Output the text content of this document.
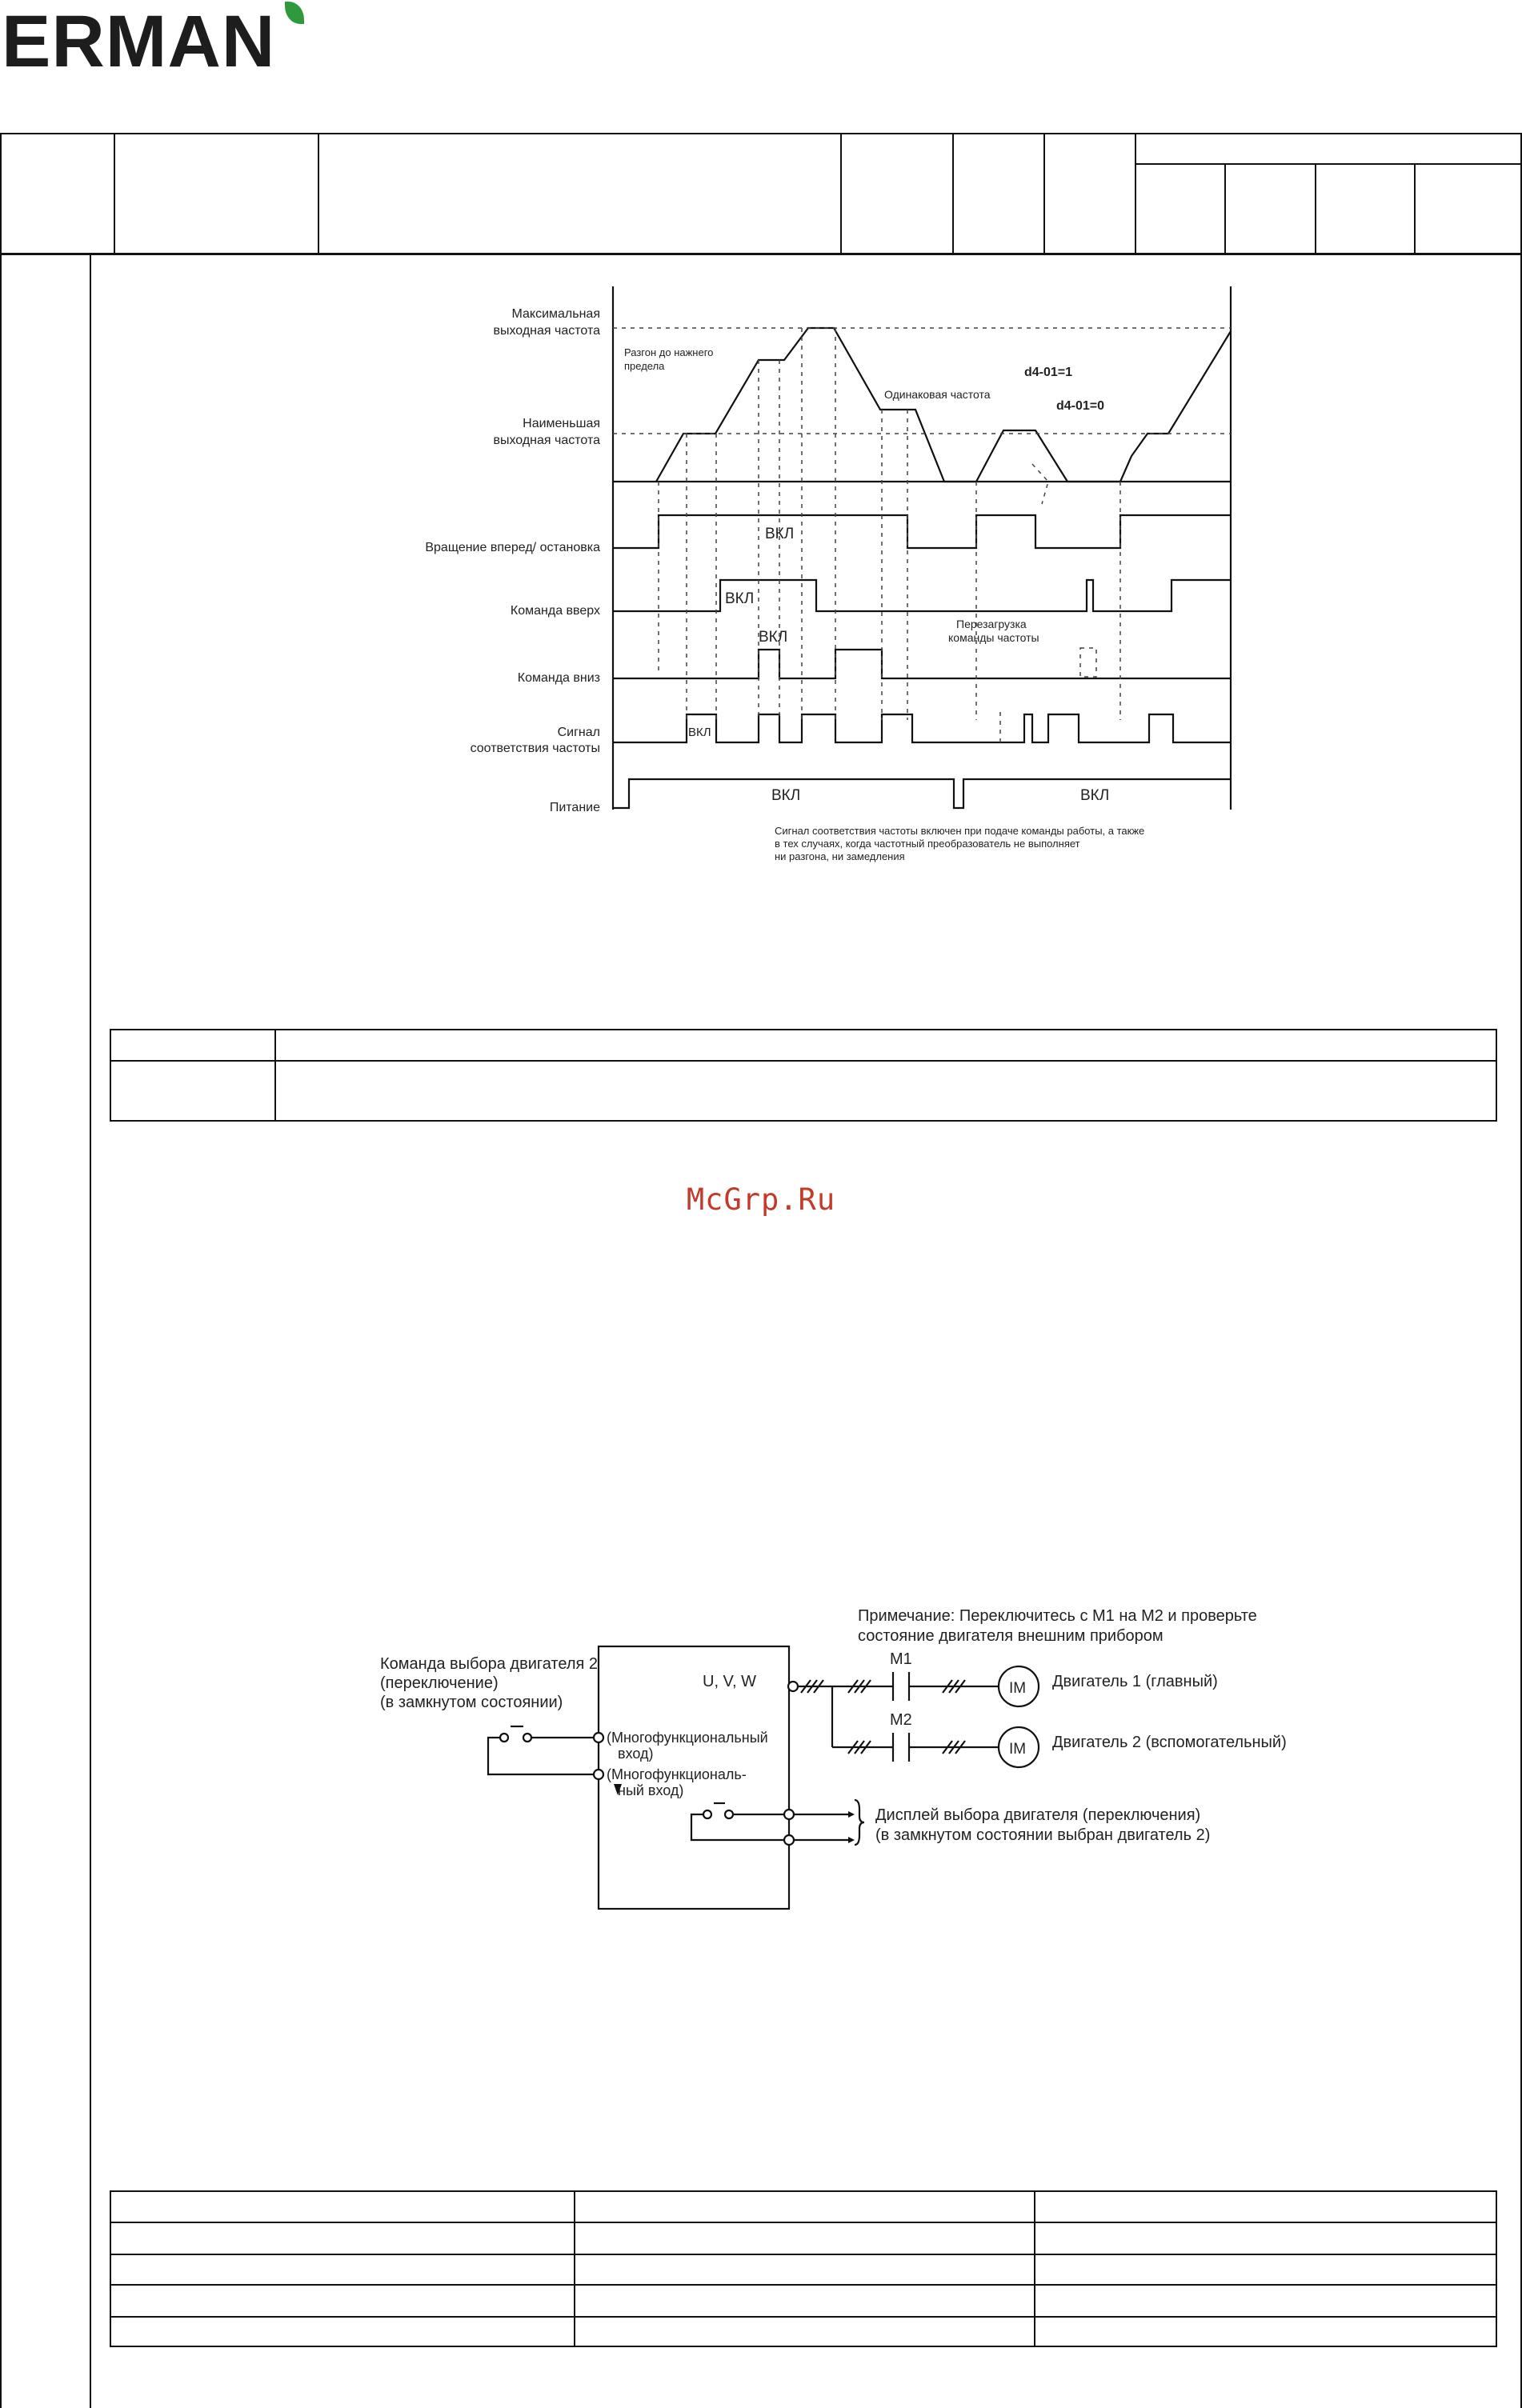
ERMAN
Максимальная
выходная частота
Разгон до нажнего
предела
Наименьшая
выходная частота
Одинаковая частота
d4-01=1
d4-01=0
Вращение вперед/ остановка
ВКЛ
Команда вверх
ВКЛ
Перезагрузка
команды частоты
Команда вниз
ВКЛ
Сигнал
соответствия частоты
ВКЛ
Питание
ВКЛ	ВКЛ
Сигнал соответствия частоты включен при подаче команды работы, а также
в тех случаях, когда частотный преобразователь не выполняет
ни разгона, ни замедления
McGrp.Ru
Примечание: Переключитесь с М1 на М2 и проверьте
состояние двигателя внешним прибором
Команда выбора двигателя 2
(переключение)
(в замкнутом состоянии)
U, V, W
M1
M2
IM
IM
Двигатель 1 (главный)
Двигатель 2 (вспомогательный)
(Многофункциональный
вход)
(Многофункциональ-
ный вход)
Дисплей выбора двигателя (переключения)
(в замкнутом состоянии выбран двигатель 2)
